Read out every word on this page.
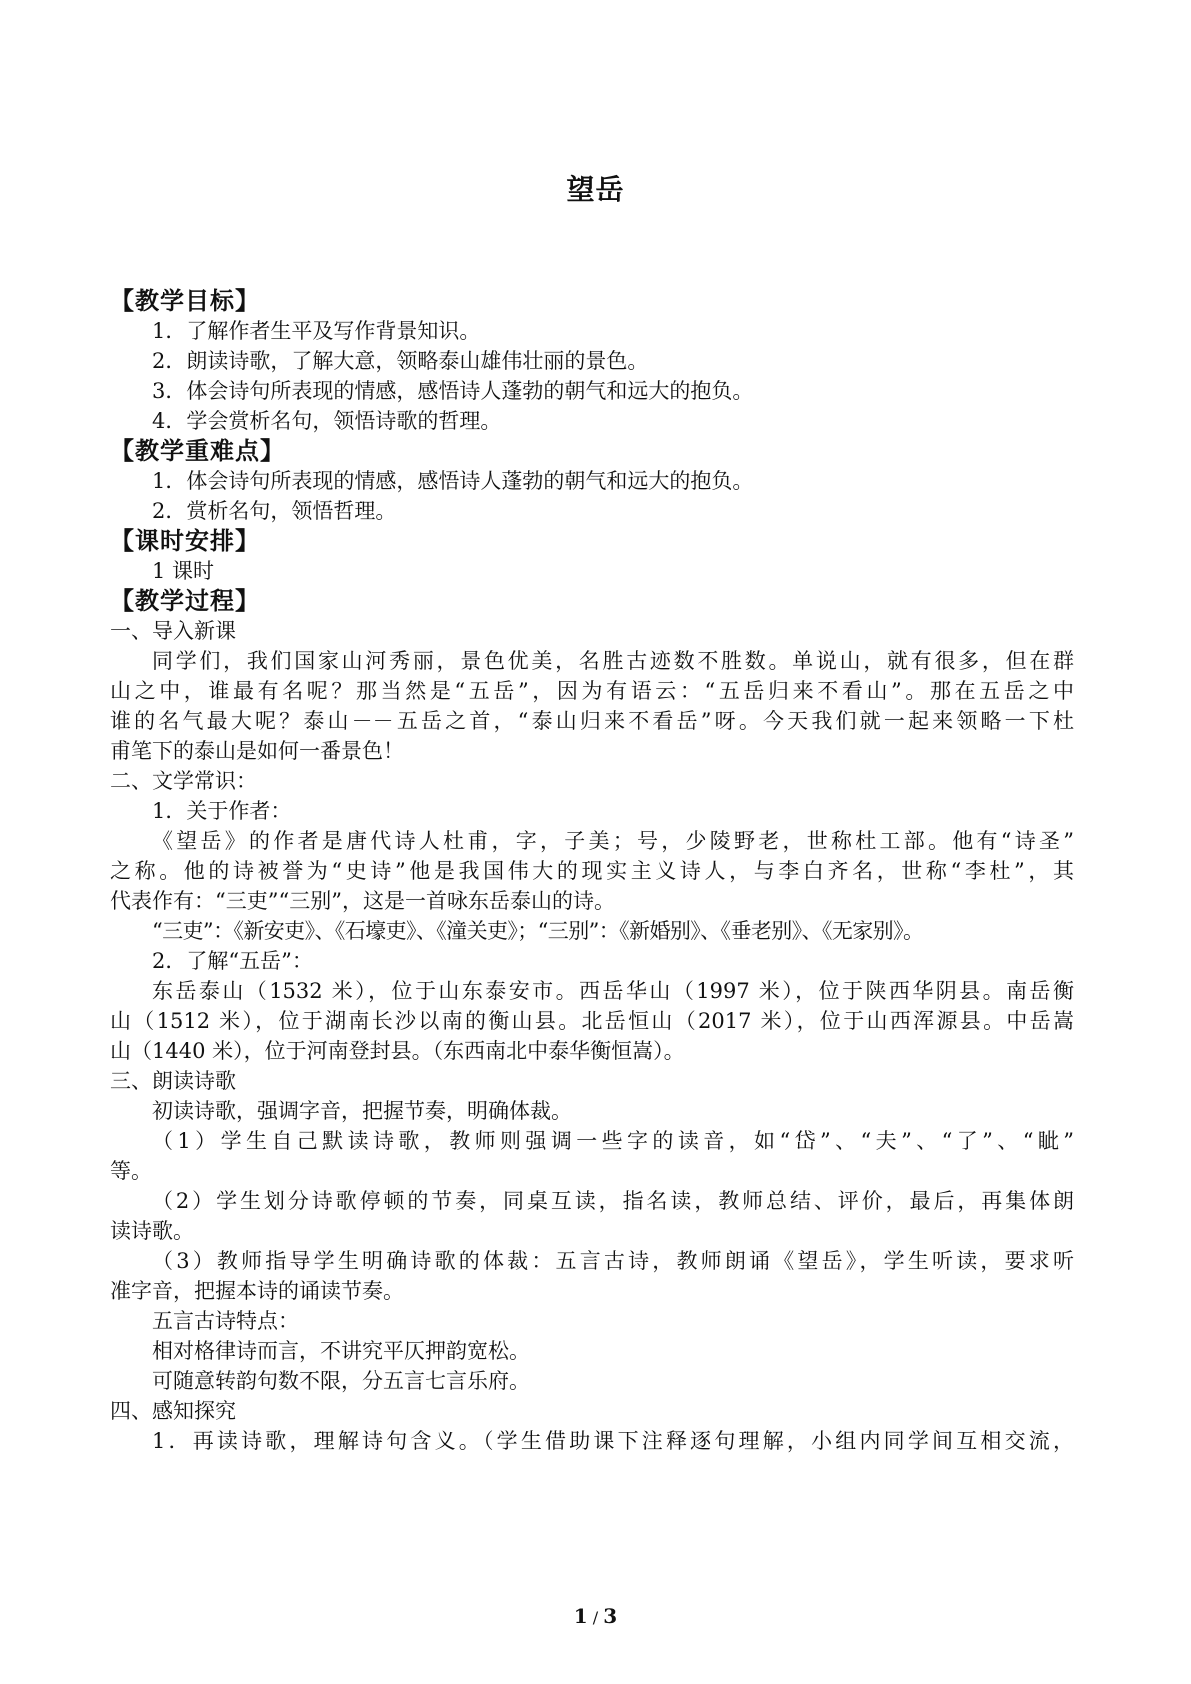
望岳
【教学目标】
1．了解作者生平及写作背景知识。
2．朗读诗歌，了解大意，领略泰山雄伟壮丽的景色。
3．体会诗句所表现的情感，感悟诗人蓬勃的朝气和远大的抱负。
4．学会赏析名句，领悟诗歌的哲理。
【教学重难点】
1．体会诗句所表现的情感，感悟诗人蓬勃的朝气和远大的抱负。
2．赏析名句，领悟哲理。
【课时安排】
1 课时
【教学过程】
一、导入新课
同学们，我们国家山河秀丽，景色优美，名胜古迹数不胜数。单说山，就有很多，但在群
山之中，谁最有名呢？那当然是“五岳”，因为有语云：“五岳归来不看山”。那在五岳之中
谁的名气最大呢？泰山－－五岳之首，“泰山归来不看岳”呀。今天我们就一起来领略一下杜
甫笔下的泰山是如何一番景色！
二、文学常识：
1．关于作者：
《望岳》的作者是唐代诗人杜甫，字，子美；号，少陵野老，世称杜工部。他有“诗圣”
之称。他的诗被誉为“史诗”他是我国伟大的现实主义诗人，与李白齐名，世称“李杜”，其
代表作有：“三吏”“三别”，这是一首咏东岳泰山的诗。
“三吏”：《新安吏》、《石壕吏》、《潼关吏》；“三别”：《新婚别》、《垂老别》、《无家别》。
2．了解“五岳”：
东岳泰山（1532 米），位于山东泰安市。西岳华山（1997 米），位于陕西华阴县。南岳衡
山（1512 米），位于湖南长沙以南的衡山县。北岳恒山（2017 米），位于山西浑源县。中岳嵩
山（1440 米），位于河南登封县。（东西南北中泰华衡恒嵩）。
三、朗读诗歌
初读诗歌，强调字音，把握节奏，明确体裁。
（1）学生自己默读诗歌，教师则强调一些字的读音，如“岱”、“夫”、“了”、“眦”
等。
（2）学生划分诗歌停顿的节奏，同桌互读，指名读，教师总结、评价，最后，再集体朗
读诗歌。
（3）教师指导学生明确诗歌的体裁：五言古诗，教师朗诵《望岳》，学生听读，要求听
准字音，把握本诗的诵读节奏。
五言古诗特点：
相对格律诗而言，不讲究平仄押韵宽松。
可随意转韵句数不限，分五言七言乐府。
四、感知探究
1．再读诗歌，理解诗句含义。（学生借助课下注释逐句理解，小组内同学间互相交流，
1 / 3
